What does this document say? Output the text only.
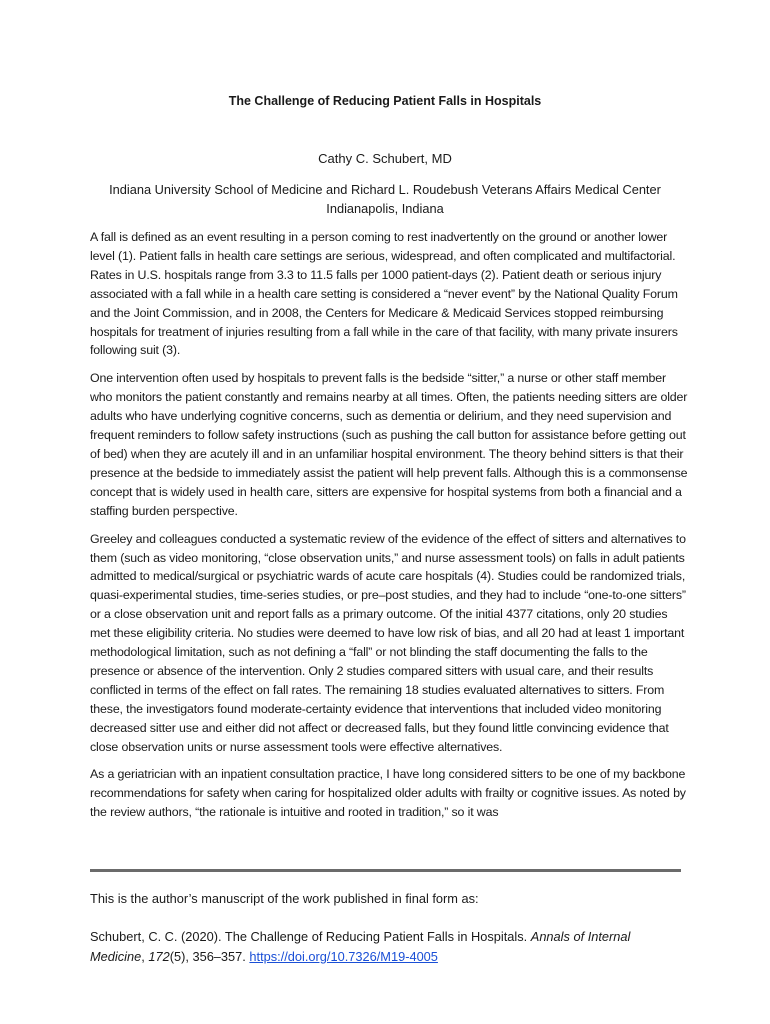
The Challenge of Reducing Patient Falls in Hospitals
Cathy C. Schubert, MD
Indiana University School of Medicine and Richard L. Roudebush Veterans Affairs Medical Center
Indianapolis, Indiana

A fall is defined as an event resulting in a person coming to rest inadvertently on the ground or another lower level (1). Patient falls in health care settings are serious, widespread, and often complicated and multifactorial. Rates in U.S. hospitals range from 3.3 to 11.5 falls per 1000 patient-days (2). Patient death or serious injury associated with a fall while in a health care setting is considered a “never event” by the National Quality Forum and the Joint Commission, and in 2008, the Centers for Medicare & Medicaid Services stopped reimbursing hospitals for treatment of injuries resulting from a fall while in the care of that facility, with many private insurers following suit (3).

One intervention often used by hospitals to prevent falls is the bedside “sitter,” a nurse or other staff member who monitors the patient constantly and remains nearby at all times. Often, the patients needing sitters are older adults who have underlying cognitive concerns, such as dementia or delirium, and they need supervision and frequent reminders to follow safety instructions (such as pushing the call button for assistance before getting out of bed) when they are acutely ill and in an unfamiliar hospital environment. The theory behind sitters is that their presence at the bedside to immediately assist the patient will help prevent falls. Although this is a commonsense concept that is widely used in health care, sitters are expensive for hospital systems from both a financial and a staffing burden perspective.

Greeley and colleagues conducted a systematic review of the evidence of the effect of sitters and alternatives to them (such as video monitoring, “close observation units,” and nurse assessment tools) on falls in adult patients admitted to medical/surgical or psychiatric wards of acute care hospitals (4). Studies could be randomized trials, quasi-experimental studies, time-series studies, or pre–post studies, and they had to include “one-to-one sitters” or a close observation unit and report falls as a primary outcome. Of the initial 4377 citations, only 20 studies met these eligibility criteria. No studies were deemed to have low risk of bias, and all 20 had at least 1 important methodological limitation, such as not defining a “fall” or not blinding the staff documenting the falls to the presence or absence of the intervention. Only 2 studies compared sitters with usual care, and their results conflicted in terms of the effect on fall rates. The remaining 18 studies evaluated alternatives to sitters. From these, the investigators found moderate-certainty evidence that interventions that included video monitoring decreased sitter use and either did not affect or decreased falls, but they found little convincing evidence that close observation units or nurse assessment tools were effective alternatives.

As a geriatrician with an inpatient consultation practice, I have long considered sitters to be one of my backbone recommendations for safety when caring for hospitalized older adults with frailty or cognitive issues. As noted by the review authors, “the rationale is intuitive and rooted in tradition,” so it was

This is the author’s manuscript of the work published in final form as:
Schubert, C. C. (2020). The Challenge of Reducing Patient Falls in Hospitals. Annals of Internal Medicine, 172(5), 356–357. https://doi.org/10.7326/M19-4005
